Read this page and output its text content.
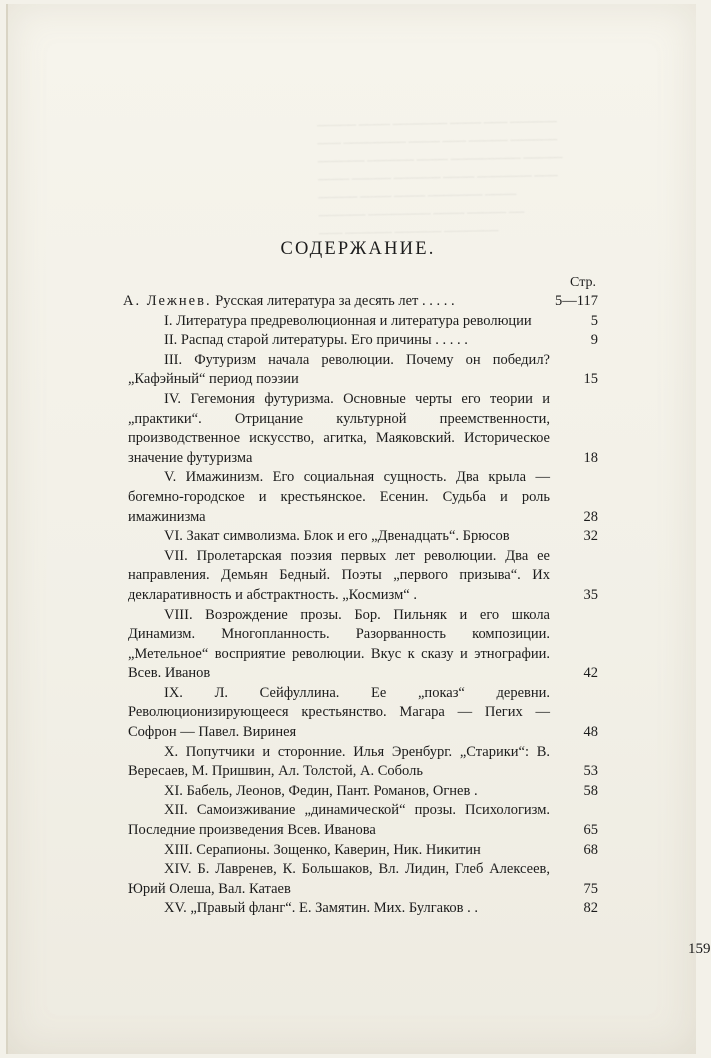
───── ──── ─────── ──── ─── ──────
─── ──────── ──── ─── ───── ──────
────── ────── ──── ───────── ─────
──── ───── ────── ──── ─────── ───
───── ──── ──── ─────── ────
────── ──────── ──── ───── ──
─── ────── ────── ───────
СОДЕРЖАНИЕ.
Стр.
А. Лежнев. Русская литература за десять лет . . . . .	5—117
I. Литература предреволюционная и литература революции	5
II. Распад старой литературы. Его причины . . . . .	9
III. Футуризм начала революции. Почему он победил? „Кафэйный“ период поэзии	15
IV. Гегемония футуризма. Основные черты его теории и „практики“. Отрицание культурной преемственности, производственное искусство, агитка, Маяковский. Историческое значение футуризма	18
V. Имажинизм. Его социальная сущность. Два крыла — богемно-городское и крестьянское. Есенин. Судьба и роль имажинизма	28
VI. Закат символизма. Блок и его „Двенадцать“. Брюсов	32
VII. Пролетарская поэзия первых лет революции. Два ее направления. Демьян Бедный. Поэты „первого призыва“. Их декларативность и абстрактность. „Космизм“ .	35
VIII. Возрождение прозы. Бор. Пильняк и его школа Динамизм. Многопланность. Разорванность композиции. „Метельное“ восприятие революции. Вкус к сказу и этнографии. Всев. Иванов	42
IX. Л. Сейфуллина. Ее „показ“ деревни. Революционизирующееся крестьянство. Магара — Пегих — Софрон — Павел. Виринея	48
X. Попутчики и сторонние. Илья Эренбург. „Старики“: В. Вересаев, М. Пришвин, Ал. Толстой, А. Соболь	53
XI. Бабель, Леонов, Федин, Пант. Романов, Огнев .	58
XII. Самоизживание „динамической“ прозы. Психологизм. Последние произведения Всев. Иванова	65
XIII. Серапионы. Зощенко, Каверин, Ник. Никитин	68
XIV. Б. Лавренев, К. Большаков, Вл. Лидин, Глеб Алексеев, Юрий Олеша, Вал. Катаев	75
XV. „Правый фланг“. Е. Замятин. Мих. Булгаков . .	82
159
